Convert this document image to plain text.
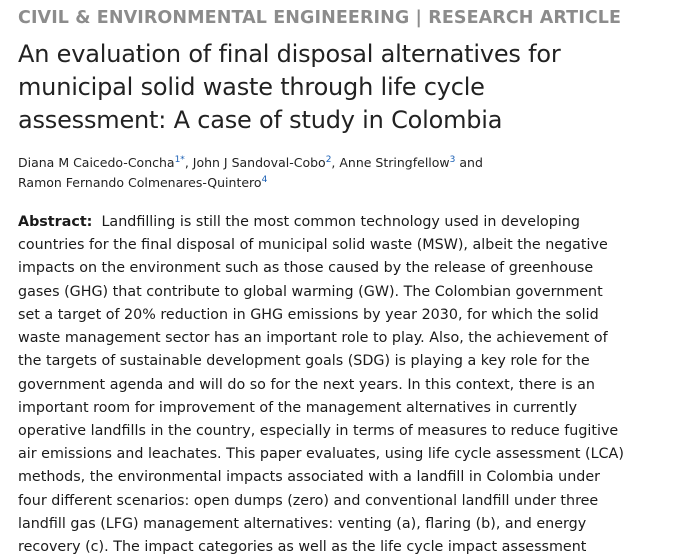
CIVIL & ENVIRONMENTAL ENGINEERING | RESEARCH ARTICLE
An evaluation of final disposal alternatives for
municipal solid waste through life cycle
assessment: A case of study in Colombia
Diana M Caicedo-Concha$^{1*}$, John J Sandoval-Cobo$^2$, Anne Stringfellow$^3$ and
Ramon Fernando Colmenares-Quintero$^4$
Abstract:  Landfilling is still the most common technology used in developing
countries for the final disposal of municipal solid waste (MSW), albeit the negative
impacts on the environment such as those caused by the release of greenhouse
gases (GHG) that contribute to global warming (GW). The Colombian government
set a target of 20% reduction in GHG emissions by year 2030, for which the solid
waste management sector has an important role to play. Also, the achievement of
the targets of sustainable development goals (SDG) is playing a key role for the
government agenda and will do so for the next years. In this context, there is an
important room for improvement of the management alternatives in currently
operative landfills in the country, especially in terms of measures to reduce fugitive
air emissions and leachates. This paper evaluates, using life cycle assessment (LCA)
methods, the environmental impacts associated with a landfill in Colombia under
four different scenarios: open dumps (zero) and conventional landfill under three
landfill gas (LFG) management alternatives: venting (a), flaring (b), and energy
recovery (c). The impact categories as well as the life cycle impact assessment
